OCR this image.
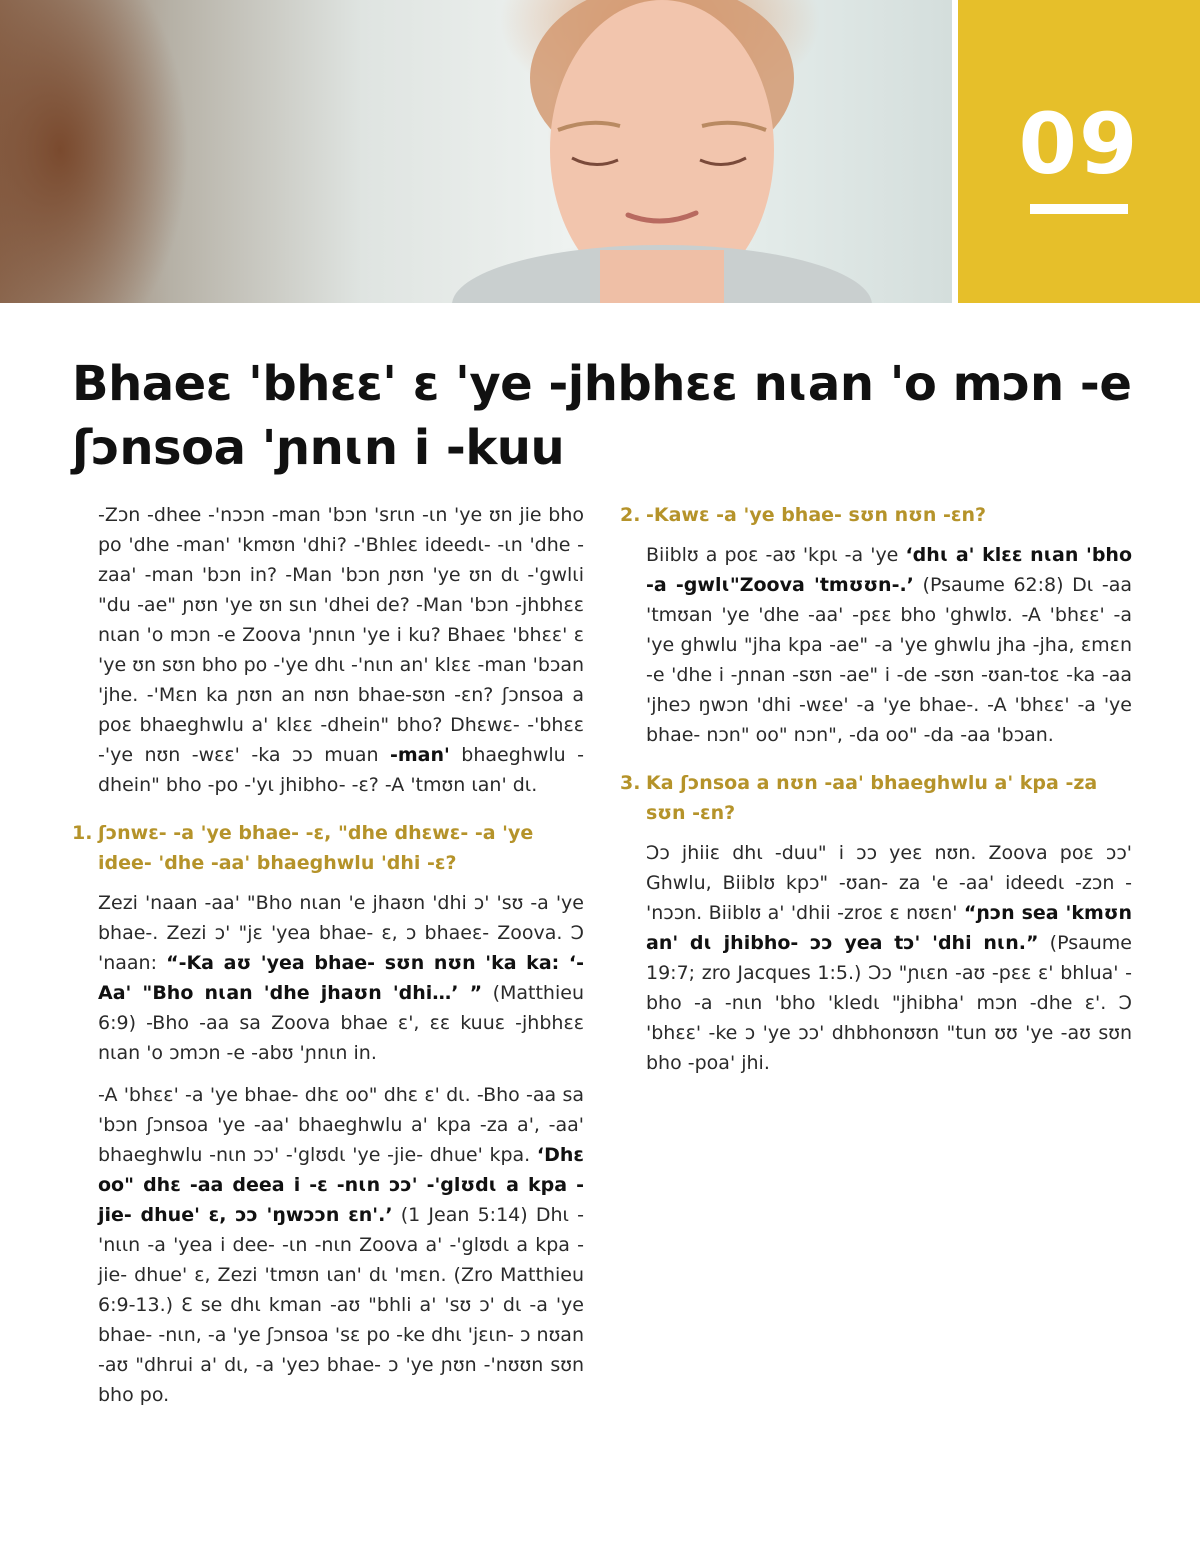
09
Bhaeɛ 'bhɛɛ' ɛ 'ye -jhbhɛɛ nɩan 'o mɔn -e ʃɔnsoa 'ɲnɩn i -kuu

-Zɔn -dhee -'nɔɔn -man 'bɔn 'srɩn -ɩn 'ye ʊn jie bho po 'dhe -man' 'kmʊn 'dhi? -'Bhleɛ ideedɩ- -ɩn 'dhe -zaa' -man 'bɔn in? -Man 'bɔn ɲʊn 'ye ʊn dɩ -'gwlɩi "du -ae" ɲʊn 'ye ʊn sɩn 'dhei de? -Man 'bɔn -jhbhɛɛ nɩan 'o mɔn -e Zoova 'ɲnɩn 'ye i ku? Bhaeɛ 'bhɛɛ' ɛ 'ye ʊn sʊn bho po -'ye dhɩ -'nɩn an' klɛɛ -man 'bɔan 'jhe. -'Mɛn ka ɲʊn an nʊn bhae-sʊn -ɛn? ʃɔnsoa a poɛ bhaeghwlu a' klɛɛ -dhein" bho? Dhɛwɛ- -'bhɛɛ -'ye nʊn -wɛɛ' -ka ɔɔ muan -man' bhaeghwlu -dhein" bho -po -'yɩ jhibho- -ɛ? -A 'tmʊn ɩan' dɩ.

1. ʃɔnwɛ- -a 'ye bhae- -ɛ, "dhe dhɛwɛ- -a 'ye idee- 'dhe -aa' bhaeghwlu 'dhi -ɛ?

Zezi 'naan -aa' "Bho nɩan 'e jhaʊn 'dhi ɔ' 'sʊ -a 'ye bhae-. Zezi ɔ' "jɛ 'yea bhae- ɛ, ɔ bhaeɛ- Zoova. Ɔ 'naan: “-Ka aʊ 'yea bhae- sʊn nʊn 'ka ka: ‘-Aa' "Bho nɩan 'dhe jhaʊn 'dhi…’ ” (Matthieu 6:9) -Bho -aa sa Zoova bhae ɛ', ɛɛ kuuɛ -jhbhɛɛ nɩan 'o ɔmɔn -e -abʊ 'ɲnɩn in.

-A 'bhɛɛ' -a 'ye bhae- dhɛ oo" dhɛ ɛ' dɩ. -Bho -aa sa 'bɔn ʃɔnsoa 'ye -aa' bhaeghwlu a' kpa -za a', -aa' bhaeghwlu -nɩn ɔɔ' -'glʊdɩ 'ye -jie- dhue' kpa. ‘Dhɛ oo" dhɛ -aa deea i -ɛ -nɩn ɔɔ' -'glʊdɩ a kpa -jie- dhue' ɛ, ɔɔ 'ŋwɔɔn ɛn'.’ (1 Jean 5:14) Dhɩ -'nɩɩn -a 'yea i dee- -ɩn -nɩn Zoova a' -'glʊdɩ a kpa -jie- dhue' ɛ, Zezi 'tmʊn ɩan' dɩ 'mɛn. (Zro Matthieu 6:9-13.) Ɛ se dhɩ kman -aʊ "bhli a' 'sʊ ɔ' dɩ -a 'ye bhae- -nɩn, -a 'ye ʃɔnsoa 'sɛ po -ke dhɩ 'jɛɩn- ɔ nʊan -aʊ "dhrui a' dɩ, -a 'yeɔ bhae- ɔ 'ye ɲʊn -'nʊʊn sʊn bho po.

2. -Kawɛ -a 'ye bhae- sʊn nʊn -ɛn?

Biiblʊ a poɛ -aʊ 'kpɩ -a 'ye ‘dhɩ a' klɛɛ nɩan 'bho -a -gwlɩ"Zoova 'tmʊʊn-.’ (Psaume 62:8) Dɩ -aa 'tmʊan 'ye 'dhe -aa' -pɛɛ bho 'ghwlʊ. -A 'bhɛɛ' -a 'ye ghwlu "jha kpa -ae" -a 'ye ghwlu jha -jha, ɛmɛn -e 'dhe i -ɲnan -sʊn -ae" i -de -sʊn -ʊan-toɛ -ka -aa 'jheɔ ŋwɔn 'dhi -wɛe' -a 'ye bhae-. -A 'bhɛɛ' -a 'ye bhae- nɔn" oo" nɔn", -da oo" -da -aa 'bɔan.

3. Ka ʃɔnsoa a nʊn -aa' bhaeghwlu a' kpa -za sʊn -ɛn?

Ɔɔ jhiiɛ dhɩ -duu" i ɔɔ yeɛ nʊn. Zoova poɛ ɔɔ' Ghwlu, Biiblʊ kpɔ" -ʊan- za 'e -aa' ideedɩ -zɔn -'nɔɔn. Biiblʊ a' 'dhii -zroɛ ɛ nʊɛn' “ɲɔn sea 'kmʊn an' dɩ jhibho- ɔɔ yea tɔ' 'dhi nɩn.” (Psaume 19:7; zro Jacques 1:5.) Ɔɔ "ɲɩɛn -aʊ -pɛɛ ɛ' bhlua' -bho -a -nɩn 'bho 'kledɩ "jhibha' mɔn -dhe ɛ'. Ɔ 'bhɛɛ' -ke ɔ 'ye ɔɔ' dhbhonʊʊn "tun ʊʊ 'ye -aʊ sʊn bho -poa' jhi.
